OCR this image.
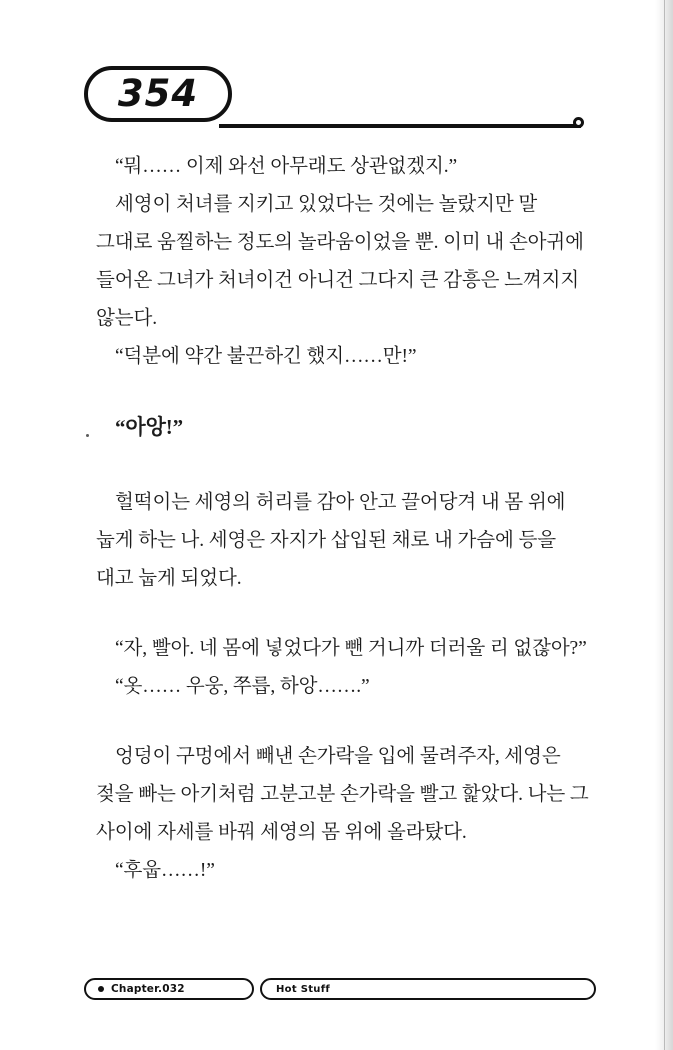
354

“뭐…… 이제 와선 아무래도 상관없겠지.”

세영이 처녀를 지키고 있었다는 것에는 놀랐지만 말 그대로 움찔하는 정도의 놀라움이었을 뿐. 이미 내 손아귀에 들어온 그녀가 처녀이건 아니건 그다지 큰 감흥은 느껴지지 않는다.

“덕분에 약간 불끈하긴 했지……만!”

“아앙!”

헐떡이는 세영의 허리를 감아 안고 끌어당겨 내 몸 위에 눕게 하는 나. 세영은 자지가 삽입된 채로 내 가슴에 등을 대고 눕게 되었다.

“자, 빨아. 네 몸에 넣었다가 뺀 거니까 더러울 리 없잖아?”

“옷…… 우웅, 쭈릅, 하앙…….”

엉덩이 구멍에서 빼낸 손가락을 입에 물려주자, 세영은 젖을 빠는 아기처럼 고분고분 손가락을 빨고 핥았다. 나는 그 사이에 자세를 바꿔 세영의 몸 위에 올라탔다.

“후웁……!”

Chapter.032	Hot Stuff
